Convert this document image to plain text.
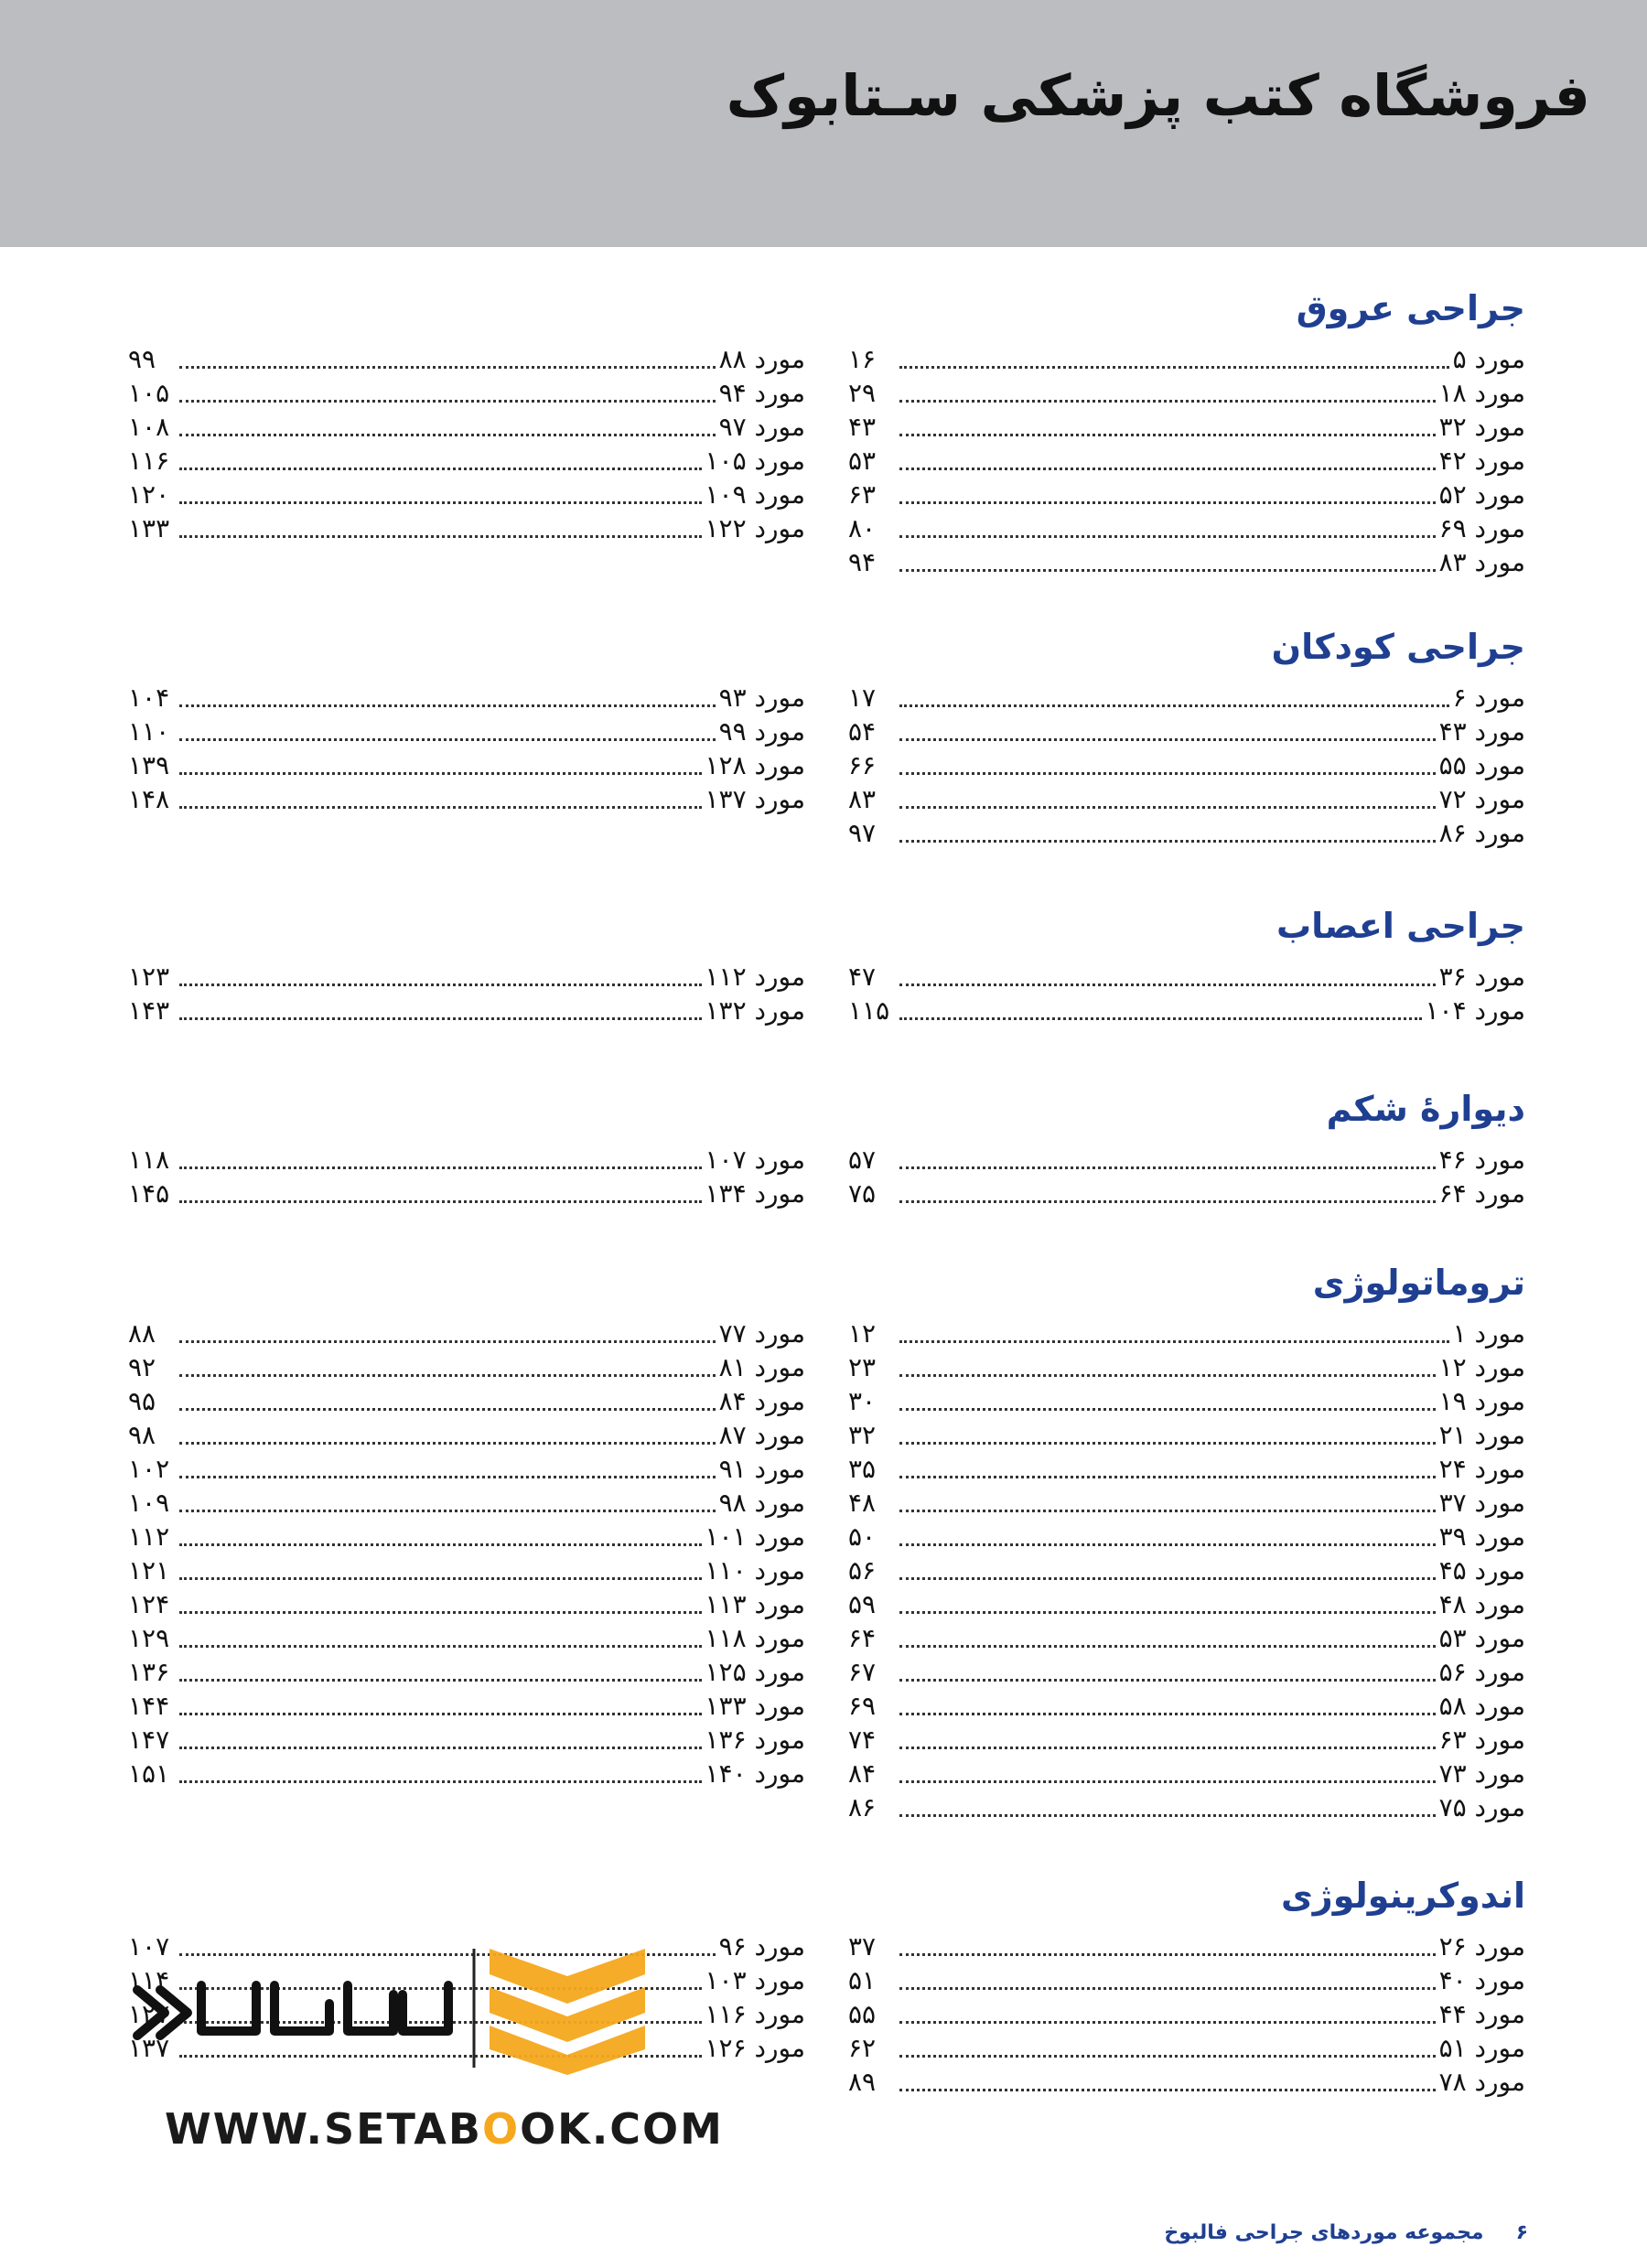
فروشگاه کتب پزشکی سـتابوک
جراحی عروق
مورد ۵
۱۶
مورد ۱۸
۲۹
مورد ۳۲
۴۳
مورد ۴۲
۵۳
مورد ۵۲
۶۳
مورد ۶۹
۸۰
مورد ۸۳
۹۴
مورد ۸۸
۹۹
مورد ۹۴
۱۰۵
مورد ۹۷
۱۰۸
مورد ۱۰۵
۱۱۶
مورد ۱۰۹
۱۲۰
مورد ۱۲۲
۱۳۳
جراحی کودکان
مورد ۶
۱۷
مورد ۴۳
۵۴
مورد ۵۵
۶۶
مورد ۷۲
۸۳
مورد ۸۶
۹۷
مورد ۹۳
۱۰۴
مورد ۹۹
۱۱۰
مورد ۱۲۸
۱۳۹
مورد ۱۳۷
۱۴۸
جراحی اعصاب
مورد ۳۶
۴۷
مورد ۱۰۴
۱۱۵
مورد ۱۱۲
۱۲۳
مورد ۱۳۲
۱۴۳
دیوارهٔ شکم
مورد ۴۶
۵۷
مورد ۶۴
۷۵
مورد ۱۰۷
۱۱۸
مورد ۱۳۴
۱۴۵
تروماتولوژی
مورد ۱
۱۲
مورد ۱۲
۲۳
مورد ۱۹
۳۰
مورد ۲۱
۳۲
مورد ۲۴
۳۵
مورد ۳۷
۴۸
مورد ۳۹
۵۰
مورد ۴۵
۵۶
مورد ۴۸
۵۹
مورد ۵۳
۶۴
مورد ۵۶
۶۷
مورد ۵۸
۶۹
مورد ۶۳
۷۴
مورد ۷۳
۸۴
مورد ۷۵
۸۶
مورد ۷۷
۸۸
مورد ۸۱
۹۲
مورد ۸۴
۹۵
مورد ۸۷
۹۸
مورد ۹۱
۱۰۲
مورد ۹۸
۱۰۹
مورد ۱۰۱
۱۱۲
مورد ۱۱۰
۱۲۱
مورد ۱۱۳
۱۲۴
مورد ۱۱۸
۱۲۹
مورد ۱۲۵
۱۳۶
مورد ۱۳۳
۱۴۴
مورد ۱۳۶
۱۴۷
مورد ۱۴۰
۱۵۱
اندوکرینولوژی
مورد ۲۶
۳۷
مورد ۴۰
۵۱
مورد ۴۴
۵۵
مورد ۵۱
۶۲
مورد ۷۸
۸۹
مورد ۹۶
۱۰۷
مورد ۱۰۳
۱۱۴
مورد ۱۱۶
۱۲۷
مورد ۱۲۶
۱۳۷
WWW.SETABOOK.COM
۶ مجموعه موردهای جراحی فالبوخ
